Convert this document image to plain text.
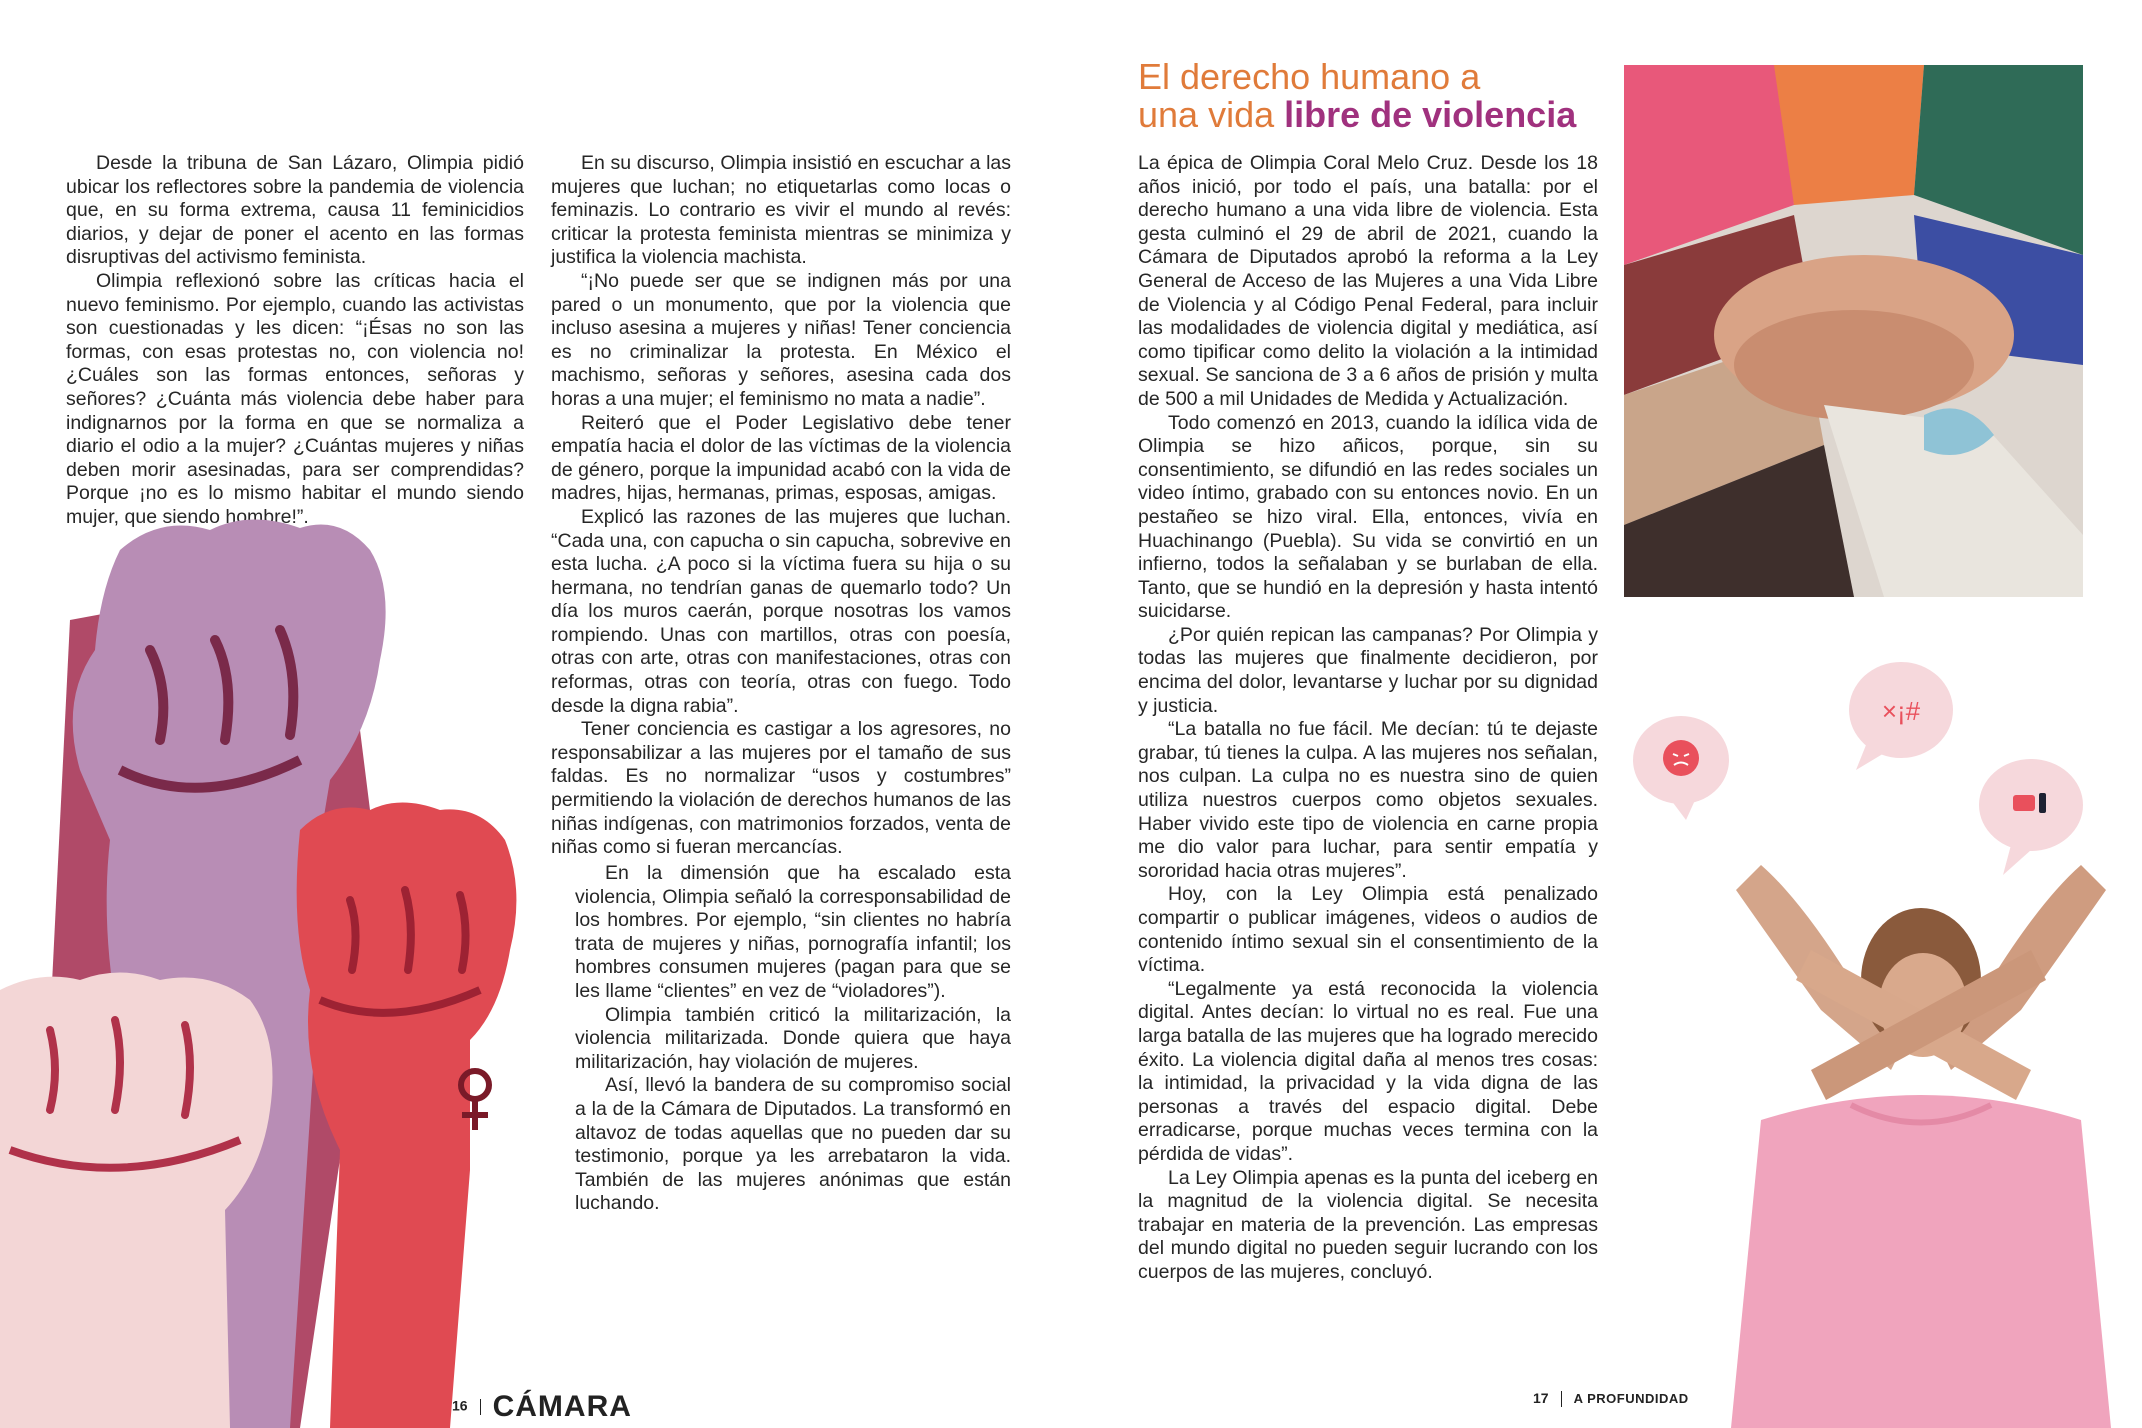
Desde la tribuna de San Lázaro, Olimpia pidió ubicar los reflectores sobre la pandemia de violencia que, en su forma extrema, causa 11 feminicidios diarios, y dejar de poner el acento en las formas disruptivas del activismo feminista.

Olimpia reflexionó sobre las críticas hacia el nuevo feminismo. Por ejemplo, cuando las activistas son cuestionadas y les dicen: “¡Ésas no son las formas, con esas protestas no, con violencia no! ¿Cuáles son las formas entonces, señoras y señores? ¿Cuánta más violencia debe haber para indignarnos por la forma en que se normaliza a diario el odio a la mujer? ¿Cuántas mujeres y niñas deben morir asesinadas, para ser comprendidas? Porque ¡no es lo mismo habitar el mundo siendo mujer, que siendo hombre!”.

En su discurso, Olimpia insistió en escuchar a las mujeres que luchan; no etiquetarlas como locas o feminazis. Lo contrario es vivir el mundo al revés: criticar la protesta feminista mientras se minimiza y justifica la violencia machista.

“¡No puede ser que se indignen más por una pared o un monumento, que por la violencia que incluso asesina a mujeres y niñas! Tener conciencia es no criminalizar la protesta. En México el machismo, señoras y señores, asesina cada dos horas a una mujer; el feminismo no mata a nadie”.

Reiteró que el Poder Legislativo debe tener empatía hacia el dolor de las víctimas de la violencia de género, porque la impunidad acabó con la vida de madres, hijas, hermanas, primas, esposas, amigas.

Explicó las razones de las mujeres que luchan. “Cada una, con capucha o sin capucha, sobrevive en esta lucha. ¿A poco si la víctima fuera su hija o su hermana, no tendrían ganas de quemarlo todo? Un día los muros caerán, porque nosotras los vamos rompiendo. Unas con martillos, otras con poesía, otras con arte, otras con manifestaciones, otras con reformas, otras con teoría, otras con fuego. Todo desde la digna rabia”.

Tener conciencia es castigar a los agresores, no responsabilizar a las mujeres por el tamaño de sus faldas. Es no normalizar “usos y costumbres” permitiendo la violación de derechos humanos de las niñas indígenas, con matrimonios forzados, venta de niñas como si fueran mercancías.

En la dimensión que ha escalado esta violencia, Olimpia señaló la corresponsabilidad de los hombres. Por ejemplo, “sin clientes no habría trata de mujeres y niñas, pornografía infantil; los hombres consumen mujeres (pagan para que se les llame “clientes” en vez de “violadores”).

Olimpia también criticó la militarización, la violencia militarizada. Donde quiera que haya militarización, hay violación de mujeres.

Así, llevó la bandera de su compromiso social a la de la Cámara de Diputados. La transformó en altavoz de todas aquellas que no pueden dar su testimonio, porque ya les arrebataron la vida. También de las mujeres anónimas que están luchando.

16 CÁMARA
El derecho humano a
una vida libre de violencia

La épica de Olimpia Coral Melo Cruz. Desde los 18 años inició, por todo el país, una batalla: por el derecho humano a una vida libre de violencia. Esta gesta culminó el 29 de abril de 2021, cuando la Cámara de Diputados aprobó la reforma a la Ley General de Acceso de las Mujeres a una Vida Libre de Violencia y al Código Penal Federal, para incluir las modalidades de violencia digital y mediática, así como tipificar como delito la violación a la intimidad sexual. Se sanciona de 3 a 6 años de prisión y multa de 500 a mil Unidades de Medida y Actualización.

Todo comenzó en 2013, cuando la idílica vida de Olimpia se hizo añicos, porque, sin su consentimiento, se difundió en las redes sociales un video íntimo, grabado con su entonces novio. En un pestañeo se hizo viral. Ella, entonces, vivía en Huachinango (Puebla). Su vida se convirtió en un infierno, todos la señalaban y se burlaban de ella. Tanto, que se hundió en la depresión y hasta intentó suicidarse.

¿Por quién repican las campanas? Por Olimpia y todas las mujeres que finalmente decidieron, por encima del dolor, levantarse y luchar por su dignidad y justicia.

“La batalla no fue fácil. Me decían: tú te dejaste grabar, tú tienes la culpa. A las mujeres nos señalan, nos culpan. La culpa no es nuestra sino de quien utiliza nuestros cuerpos como objetos sexuales. Haber vivido este tipo de violencia en carne propia me dio valor para luchar, para sentir empatía y sororidad hacia otras mujeres”.

Hoy, con la Ley Olimpia está penalizado compartir o publicar imágenes, videos o audios de contenido íntimo sexual sin el consentimiento de la víctima.

“Legalmente ya está reconocida la violencia digital. Antes decían: lo virtual no es real. Fue una larga batalla de las mujeres que ha logrado merecido éxito. La violencia digital daña al menos tres cosas: la intimidad, la privacidad y la vida digna de las personas a través del espacio digital. Debe erradicarse, porque muchas veces termina con la pérdida de vidas”.

La Ley Olimpia apenas es la punta del iceberg en la magnitud de la violencia digital. Se necesita trabajar en materia de la prevención. Las empresas del mundo digital no pueden seguir lucrando con los cuerpos de las mujeres, concluyó.

×¡#
17 A PROFUNDIDAD
